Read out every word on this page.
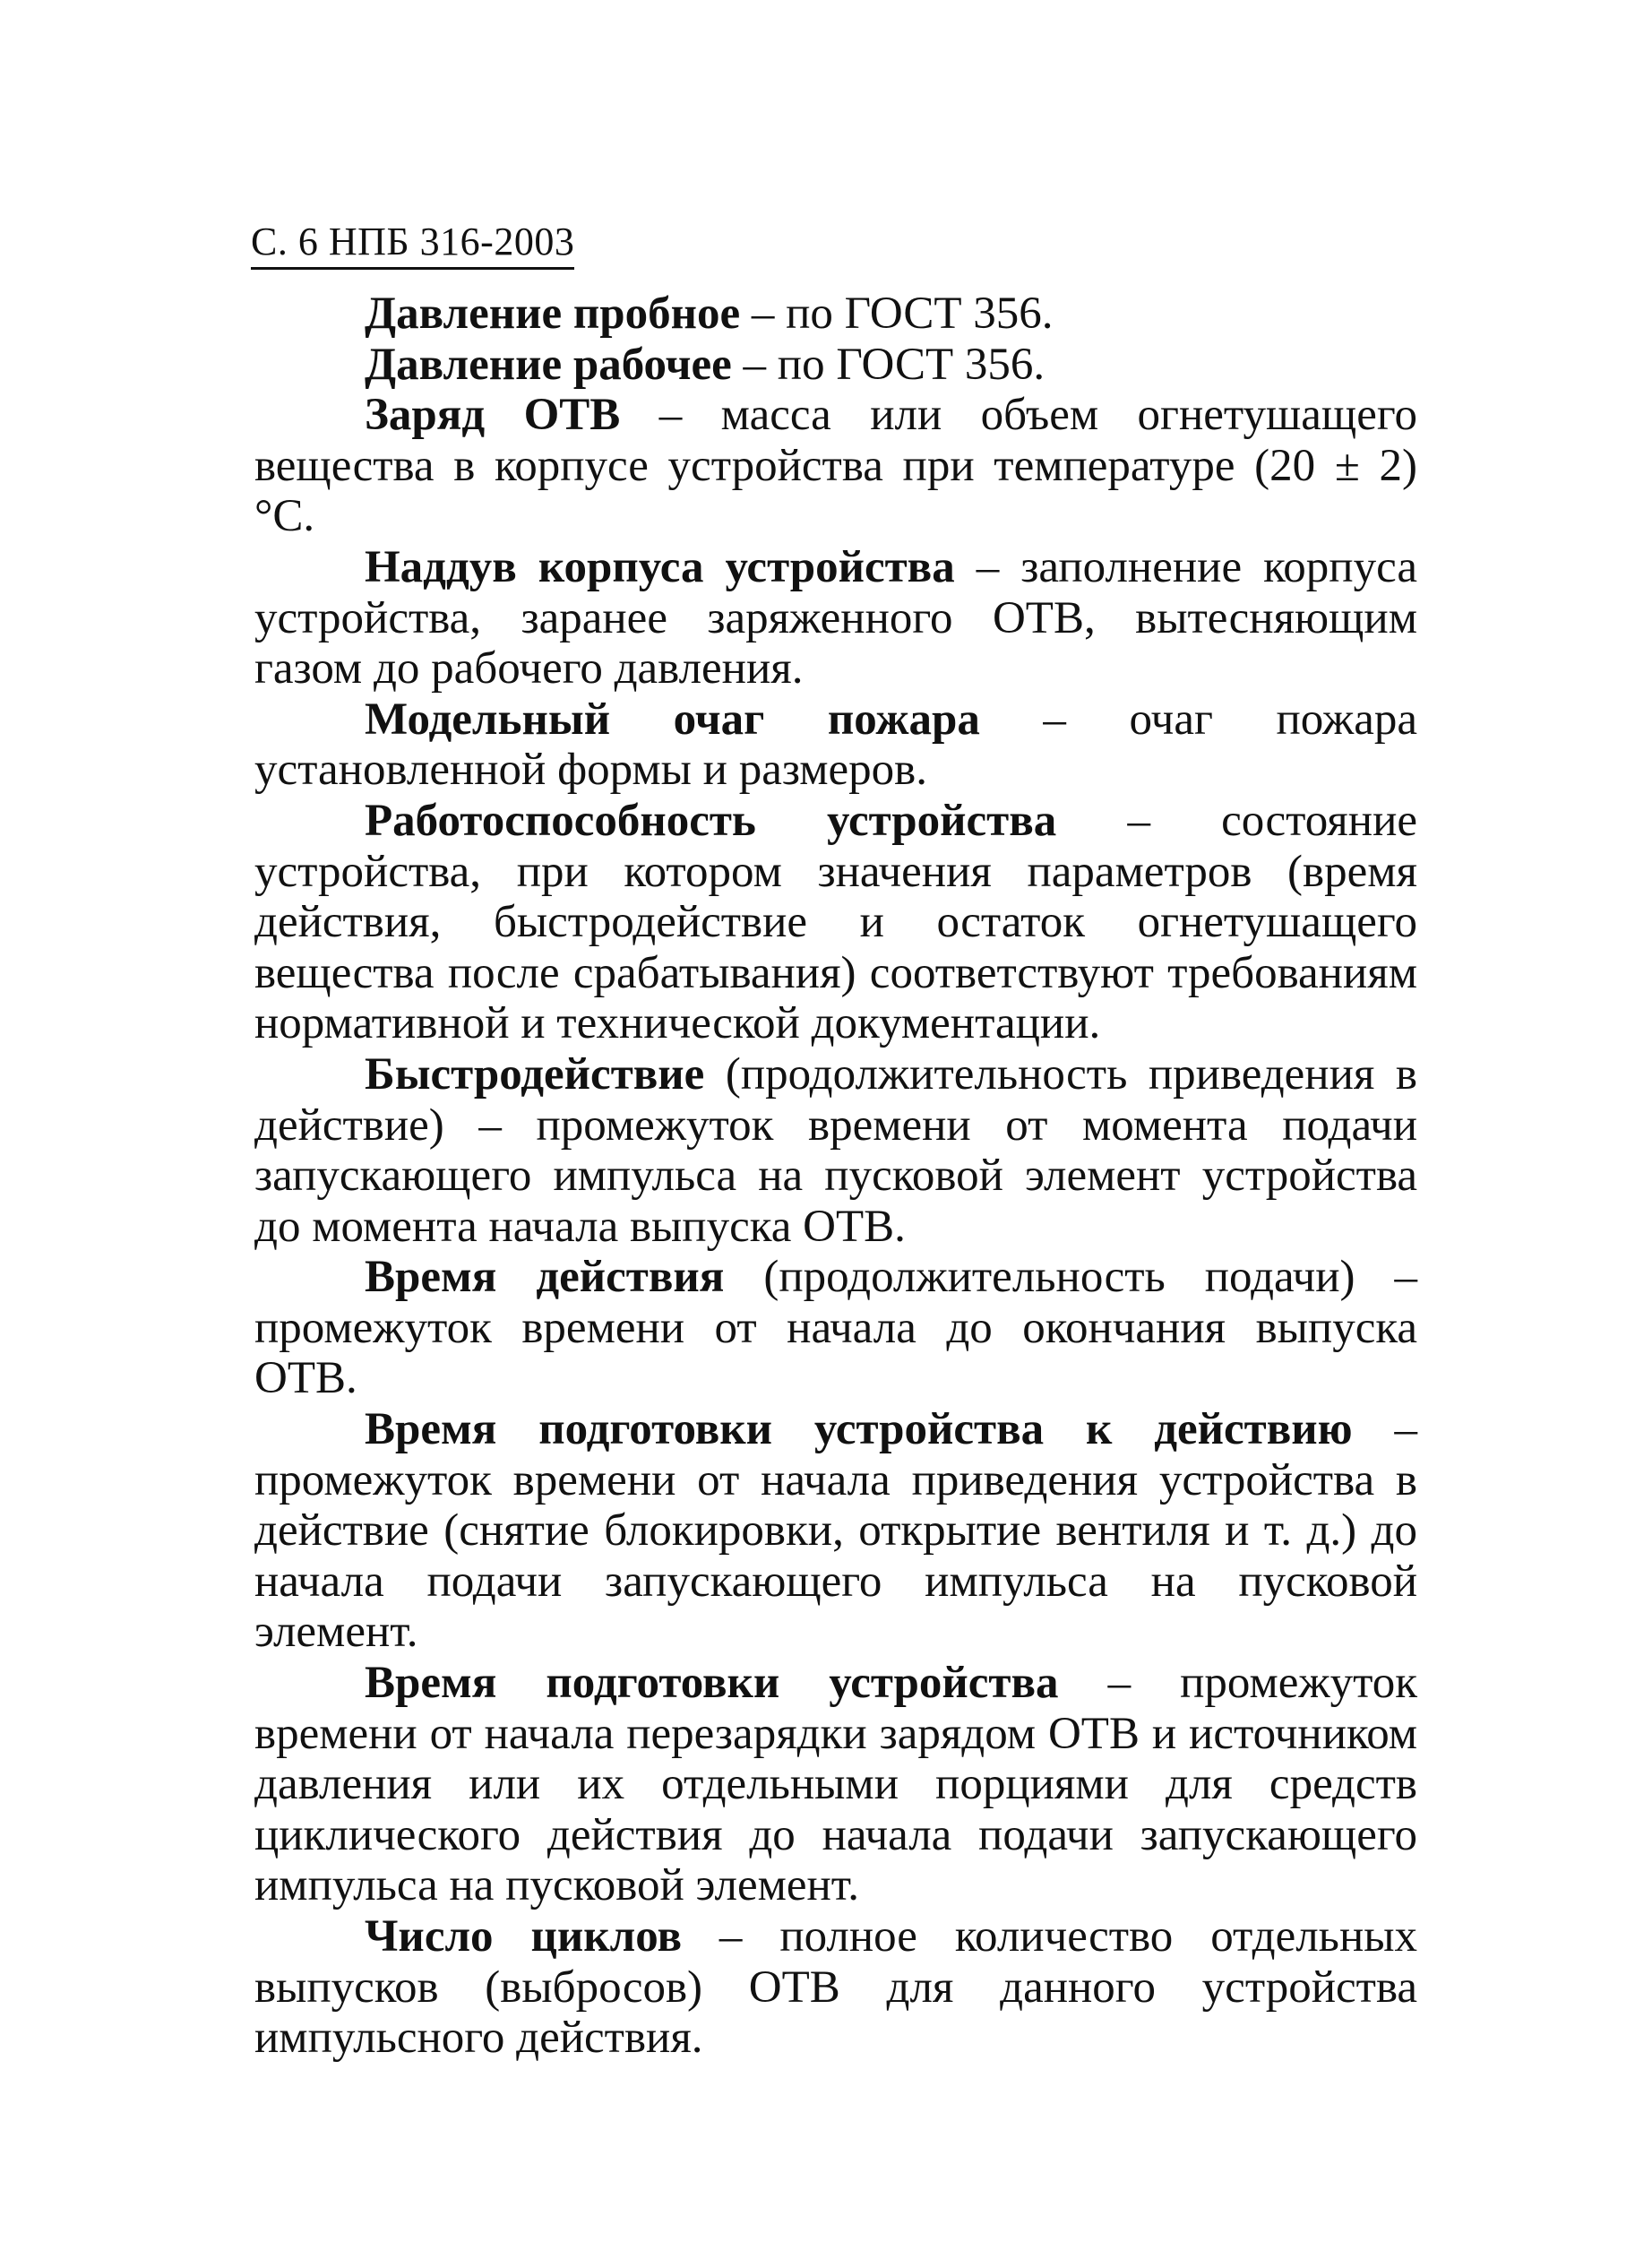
С. 6 НПБ 316-2003

Давление пробное – по ГОСТ 356.

Давление рабочее – по ГОСТ 356.

Заряд ОТВ – масса или объем огнетушащего вещества в корпусе устройства при температуре (20 ± 2) °С.

Наддув корпуса устройства – заполнение корпуса устройства, заранее заряженного ОТВ, вытесняющим газом до рабочего давления.

Модельный очаг пожара – очаг пожара установленной формы и размеров.

Работоспособность устройства – состояние устройства, при котором значения параметров (время действия, быстродействие и остаток огнетушащего вещества после срабатывания) соответствуют требованиям нормативной и технической документации.

Быстродействие (продолжительность приведения в действие) – промежуток времени от момента подачи запускающего импульса на пусковой элемент устройства до момента начала выпуска ОТВ.

Время действия (продолжительность подачи) – промежуток времени от начала до окончания выпуска ОТВ.

Время подготовки устройства к действию – промежуток времени от начала приведения устройства в действие (снятие блокировки, открытие вентиля и т. д.) до начала подачи запускающего импульса на пусковой элемент.

Время подготовки устройства – промежуток времени от начала перезарядки зарядом ОТВ и источником давления или их отдельными порциями для средств циклического действия до начала подачи запускающего импульса на пусковой элемент.

Число циклов – полное количество отдельных выпусков (выбросов) ОТВ для данного устройства импульсного действия.
